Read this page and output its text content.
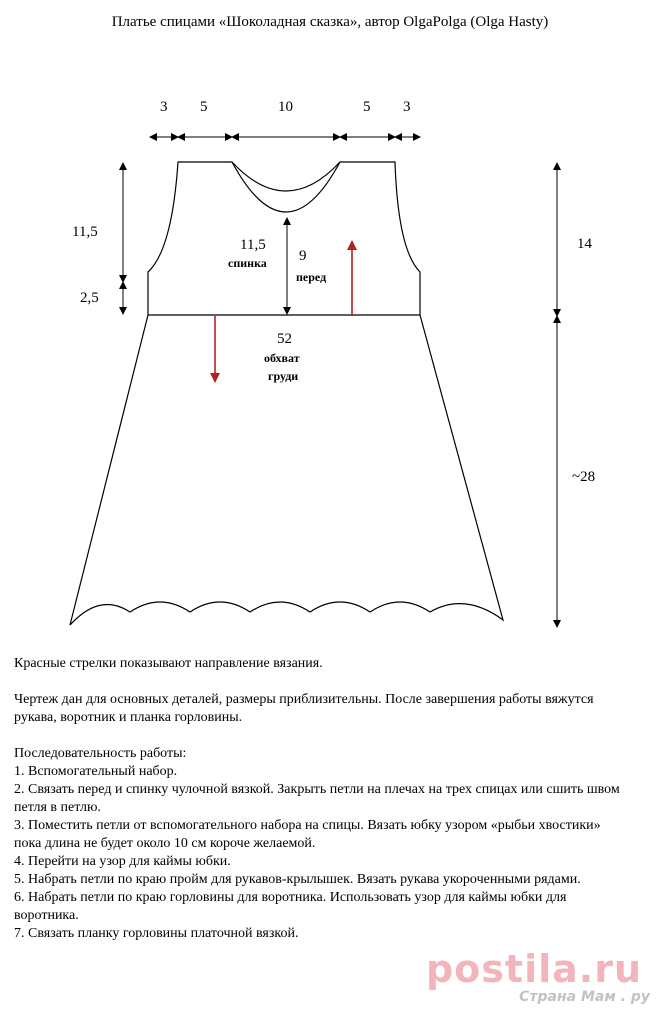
Платье спицами «Шоколадная сказка», автор OlgaPolga (Olga Hasty)
3 5	10	5 3
11,5
2,5
11,5
спинка 9
перед
52
обхват
груди
14
~28

Красные стрелки показывают направление вязания.

Чертеж дан для основных деталей, размеры приблизительны. После завершения работы вяжутся рукава, воротник и планка горловины.

Последовательность работы:

1. Вспомогательный набор.

2. Связать перед и спинку чулочной вязкой. Закрыть петли на плечах на трех спицах или сшить швом петля в петлю.

3. Поместить петли от вспомогательного набора на спицы. Вязать юбку узором «рыбьи хвостики» пока длина не будет около 10 см короче желаемой.

4. Перейти на узор для каймы юбки.

5. Набрать петли по краю пройм для рукавов-крылышек. Вязать рукава укороченными рядами.

6. Набрать петли по краю горловины для воротника. Использовать узор для каймы юбки для воротника.

7. Связать планку горловины платочной вязкой.

postila.ru
Страна Мам . ру
